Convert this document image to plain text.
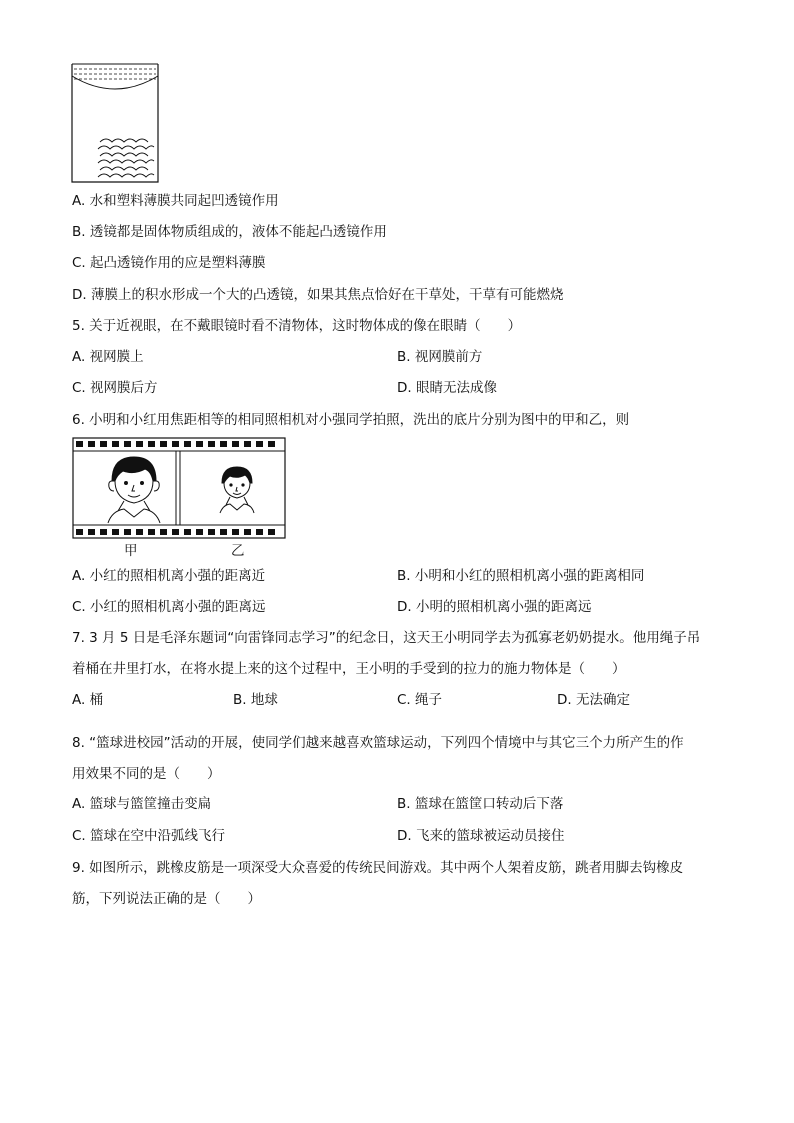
A. 水和塑料薄膜共同起凹透镜作用
B. 透镜都是固体物质组成的，液体不能起凸透镜作用
C. 起凸透镜作用的应是塑料薄膜
D. 薄膜上的积水形成一个大的凸透镜，如果其焦点恰好在干草处，干草有可能燃烧
5. 关于近视眼，在不戴眼镜时看不清物体，这时物体成的像在眼睛（　　）
A. 视网膜上	B. 视网膜前方
C. 视网膜后方	D. 眼睛无法成像
6. 小明和小红用焦距相等的相同照相机对小强同学拍照，洗出的底片分别为图中的甲和乙，则
甲	乙
A. 小红的照相机离小强的距离近	B. 小明和小红的照相机离小强的距离相同
C. 小红的照相机离小强的距离远	D. 小明的照相机离小强的距离远
7. 3 月 5 日是毛泽东题词“向雷锋同志学习”的纪念日，这天王小明同学去为孤寡老奶奶提水。他用绳子吊
着桶在井里打水，在将水提上来的这个过程中，王小明的手受到的拉力的施力物体是（　　）
A. 桶	B. 地球	C. 绳子	D. 无法确定
8. “篮球进校园”活动的开展，使同学们越来越喜欢篮球运动，下列四个情境中与其它三个力所产生的作
用效果不同的是（　　）
A. 篮球与篮筐撞击变扁	B. 篮球在篮筐口转动后下落
C. 篮球在空中沿弧线飞行	D. 飞来的篮球被运动员接住
9. 如图所示，跳橡皮筋是一项深受大众喜爱的传统民间游戏。其中两个人架着皮筋，跳者用脚去钩橡皮
筋，下列说法正确的是（　　）
